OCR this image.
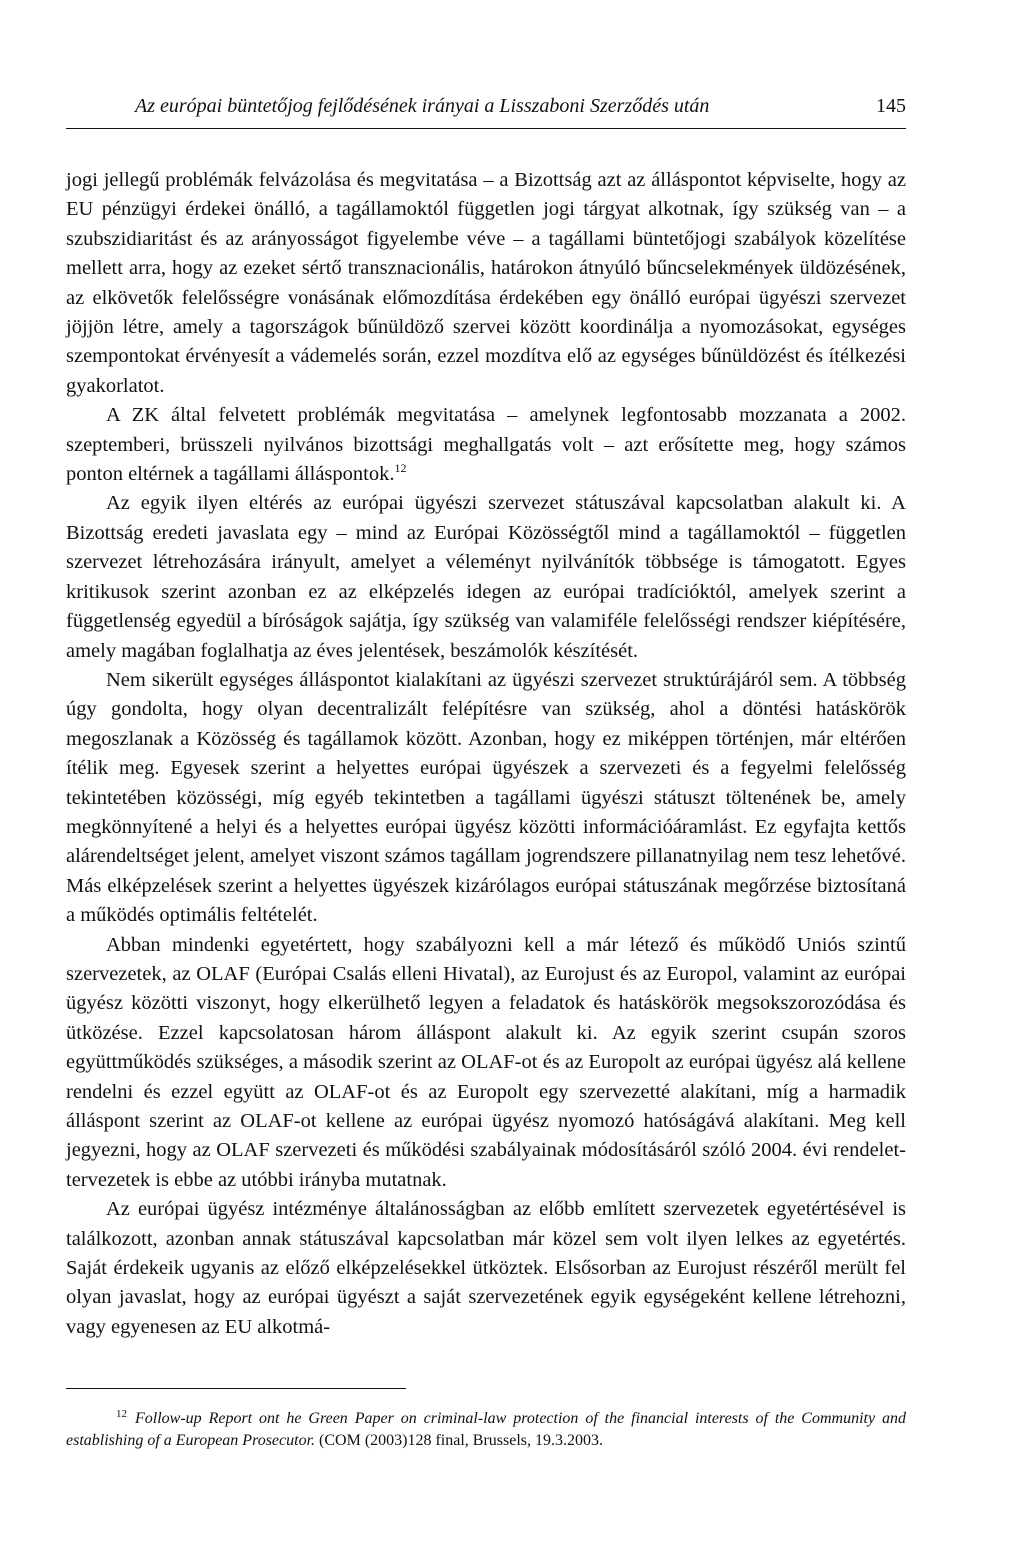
Az európai büntetőjog fejlődésének irányai a Lisszaboni Szerződés után	145

jogi jellegű problémák felvázolása és megvitatása – a Bizottság azt az álláspontot képviselte, hogy az EU pénzügyi érdekei önálló, a tagállamoktól független jogi tárgyat alkotnak, így szükség van – a szubszidiaritást és az arányosságot figyelembe véve – a tagállami büntetőjogi szabályok közelítése mellett arra, hogy az ezeket sértő transznacionális, határokon átnyúló bűncselekmények üldözésének, az elkövetők felelősségre vonásának előmozdítása érdekében egy önálló európai ügyészi szervezet jöjjön létre, amely a tagországok bűnüldöző szervei között koordinálja a nyomozásokat, egységes szempontokat érvényesít a vádemelés során, ezzel mozdítva elő az egységes bűnüldözést és ítélkezési gyakorlatot.

A ZK által felvetett problémák megvitatása – amelynek legfontosabb mozzanata a 2002. szeptemberi, brüsszeli nyilvános bizottsági meghallgatás volt – azt erősítette meg, hogy számos ponton eltérnek a tagállami álláspontok.$^{12}$

Az egyik ilyen eltérés az európai ügyészi szervezet státuszával kapcsolatban alakult ki. A Bizottság eredeti javaslata egy – mind az Európai Közösségtől mind a tagállamoktól – független szervezet létrehozására irányult, amelyet a véleményt nyilvánítók többsége is támogatott. Egyes kritikusok szerint azonban ez az elképzelés idegen az európai tradícióktól, amelyek szerint a függetlenség egyedül a bíróságok sajátja, így szükség van valamiféle felelősségi rendszer kiépítésére, amely magában foglalhatja az éves jelentések, beszámolók készítését.

Nem sikerült egységes álláspontot kialakítani az ügyészi szervezet struktúrájáról sem. A többség úgy gondolta, hogy olyan decentralizált felépítésre van szükség, ahol a döntési hatáskörök megoszlanak a Közösség és tagállamok között. Azonban, hogy ez miképpen történjen, már eltérően ítélik meg. Egyesek szerint a helyettes európai ügyészek a szervezeti és a fegyelmi felelősség tekintetében közösségi, míg egyéb tekintetben a tagállami ügyészi státuszt töltenének be, amely megkönnyítené a helyi és a helyettes európai ügyész közötti információáramlást. Ez egyfajta kettős alárendeltséget jelent, amelyet viszont számos tagállam jogrendszere pillanatnyilag nem tesz lehetővé. Más elképzelések szerint a helyettes ügyészek kizárólagos európai státuszának megőrzése biztosítaná a működés optimális feltételét.

Abban mindenki egyetértett, hogy szabályozni kell a már létező és működő Uniós szintű szervezetek, az OLAF (Európai Csalás elleni Hivatal), az Eurojust és az Europol, valamint az európai ügyész közötti viszonyt, hogy elkerülhető legyen a feladatok és hatáskörök megsokszorozódása és ütközése. Ezzel kapcsolatosan három álláspont alakult ki. Az egyik szerint csupán szoros együttműködés szükséges, a második szerint az OLAF-ot és az Europolt az európai ügyész alá kellene rendelni és ezzel együtt az OLAF-ot és az Europolt egy szervezetté alakítani, míg a harmadik álláspont szerint az OLAF-ot kellene az európai ügyész nyomozó hatóságává alakítani. Meg kell jegyezni, hogy az OLAF szervezeti és működési szabályainak módosításáról szóló 2004. évi rendelet-tervezetek is ebbe az utóbbi irányba mutatnak.

Az európai ügyész intézménye általánosságban az előbb említett szervezetek egyetértésével is találkozott, azonban annak státuszával kapcsolatban már közel sem volt ilyen lelkes az egyetértés. Saját érdekeik ugyanis az előző elképzelésekkel ütköztek. Elsősorban az Eurojust részéről merült fel olyan javaslat, hogy az európai ügyészt a saját szervezetének egyik egységeként kellene létrehozni, vagy egyenesen az EU alkotmá-

$^{12}$ Follow-up Report ont he Green Paper on criminal-law protection of the financial interests of the Community and establishing of a European Prosecutor. (COM (2003)128 final, Brussels, 19.3.2003.
